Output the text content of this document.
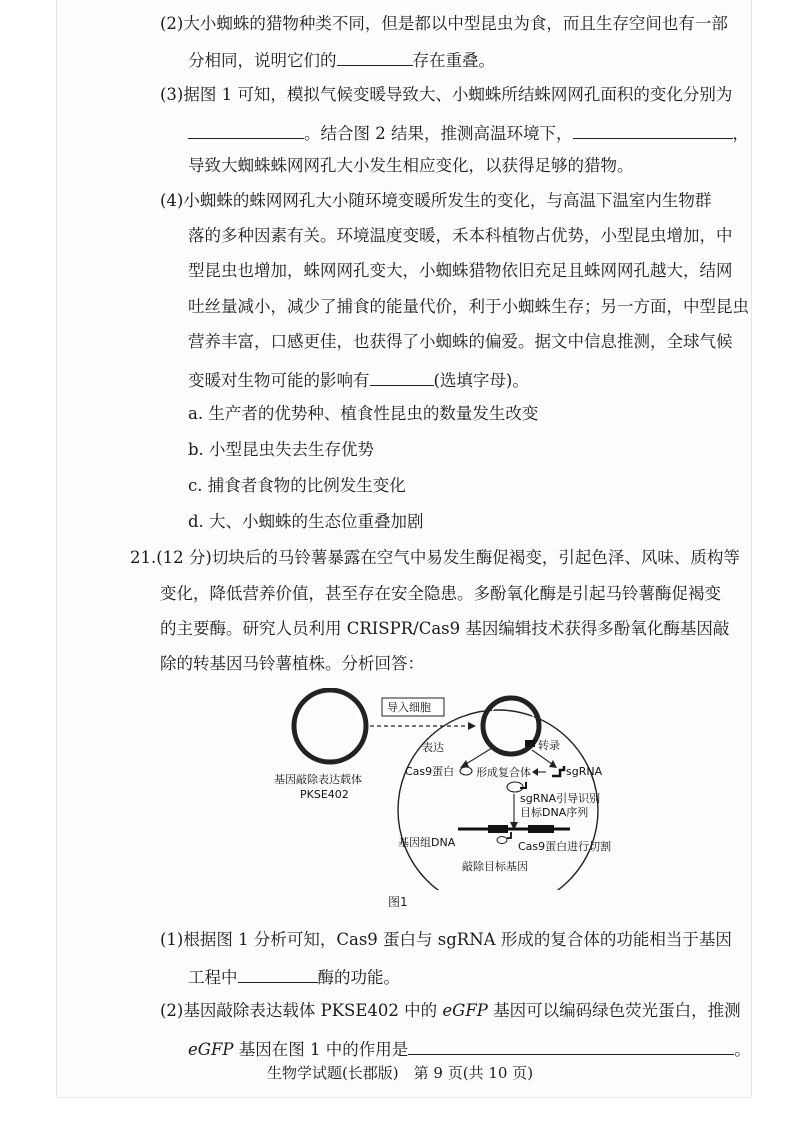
(2)大小蜘蛛的猎物种类不同，但是都以中型昆虫为食，而且生存空间也有一部
分相同，说明它们的	存在重叠。
(3)据图 1 可知，模拟气候变暖导致大、小蜘蛛所结蛛网网孔面积的变化分别为
。结合图 2 结果，推测高温环境下，	，
导致大蜘蛛蛛网网孔大小发生相应变化，以获得足够的猎物。
(4)小蜘蛛的蛛网网孔大小随环境变暖所发生的变化，与高温下温室内生物群
落的多种因素有关。环境温度变暖，禾本科植物占优势，小型昆虫增加，中
型昆虫也增加，蛛网网孔变大，小蜘蛛猎物依旧充足且蛛网网孔越大，结网
吐丝量减小，减少了捕食的能量代价，利于小蜘蛛生存；另一方面，中型昆虫
营养丰富，口感更佳，也获得了小蜘蛛的偏爱。据文中信息推测，全球气候
变暖对生物可能的影响有	(选填字母)。
a. 生产者的优势种、植食性昆虫的数量发生改变
b. 小型昆虫失去生存优势
c. 捕食者食物的比例发生变化
d. 大、小蜘蛛的生态位重叠加剧
21.(12 分)切块后的马铃薯暴露在空气中易发生酶促褐变，引起色泽、风味、质构等
变化，降低营养价值，甚至存在安全隐患。多酚氧化酶是引起马铃薯酶促褐变
的主要酶。研究人员利用 CRISPR/Cas9 基因编辑技术获得多酚氧化酶基因敲
除的转基因马铃薯植株。分析回答：
基因敲除表达载体
PKSE402
导入细胞
表达	转录
Cas9蛋白 形成复合体	sgRNA
sgRNA引导识别
目标DNA序列
基因组DNA	Cas9蛋白进行切割
敲除目标基因
图1
(1)根据图 1 分析可知，Cas9 蛋白与 sgRNA 形成的复合体的功能相当于基因
工程中	酶的功能。
(2)基因敲除表达载体 PKSE402 中的 eGFP 基因可以编码绿色荧光蛋白，推测
eGFP 基因在图 1 中的作用是	。
生物学试题(长郡版)　第 9 页(共 10 页)
